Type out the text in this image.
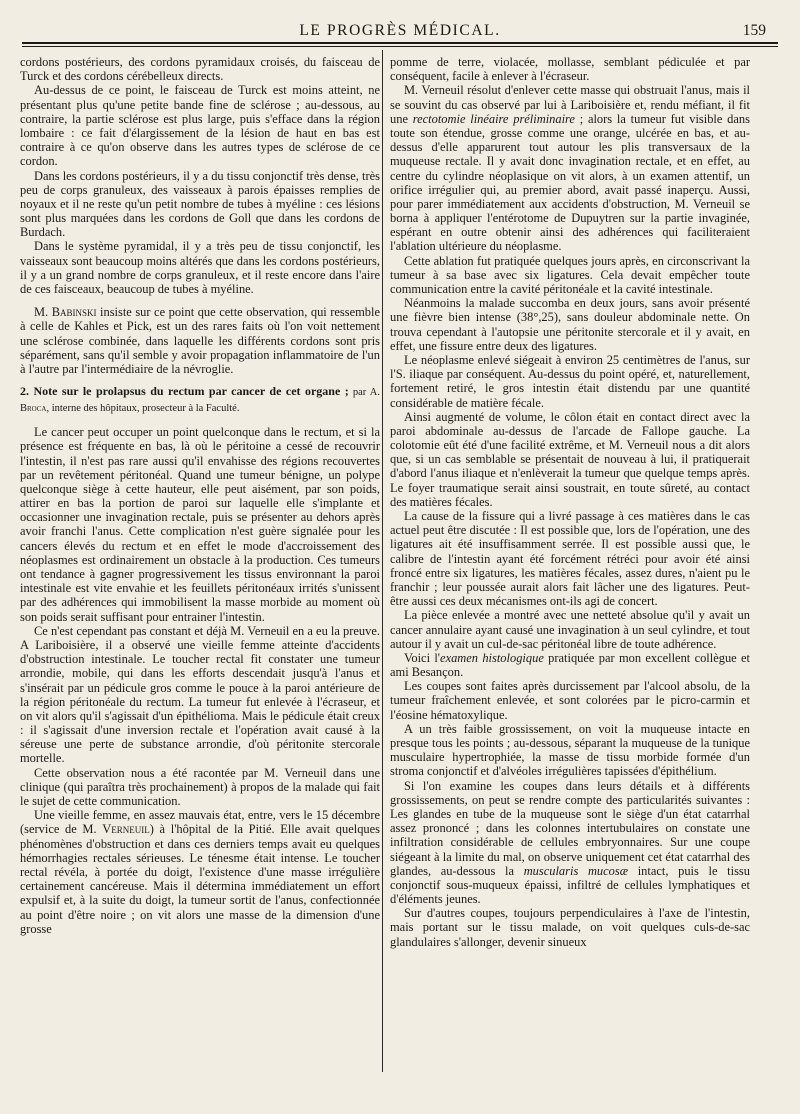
LE PROGRÈS MÉDICAL.	159

cordons postérieurs, des cordons pyramidaux croisés, du faisceau de Turck et des cordons cérébelleux directs.

Au-dessus de ce point, le faisceau de Turck est moins atteint, ne présentant plus qu'une petite bande fine de sclérose ; au-dessous, au contraire, la partie sclérose est plus large, puis s'efface dans la région lombaire : ce fait d'élargissement de la lésion de haut en bas est contraire à ce qu'on observe dans les autres types de sclérose de ce cordon.

Dans les cordons postérieurs, il y a du tissu conjonctif très dense, très peu de corps granuleux, des vaisseaux à parois épaisses remplies de noyaux et il ne reste qu'un petit nombre de tubes à myéline : ces lésions sont plus marquées dans les cordons de Goll que dans les cordons de Burdach.

Dans le système pyramidal, il y a très peu de tissu conjonctif, les vaisseaux sont beaucoup moins altérés que dans les cordons postérieurs, il y a un grand nombre de corps granuleux, et il reste encore dans l'aire de ces faisceaux, beaucoup de tubes à myéline.

M. Babinski insiste sur ce point que cette observation, qui ressemble à celle de Kahles et Pick, est un des rares faits où l'on voit nettement une sclérose combinée, dans laquelle les différents cordons sont pris séparément, sans qu'il semble y avoir propagation inflammatoire de l'un à l'autre par l'intermédiaire de la névroglie.

2. Note sur le prolapsus du rectum par cancer de cet organe ; par A. Broca, interne des hôpitaux, prosecteur à la Faculté.

Le cancer peut occuper un point quelconque dans le rectum, et si la présence est fréquente en bas, là où le péritoine a cessé de recouvrir l'intestin, il n'est pas rare aussi qu'il envahisse des régions recouvertes par un revêtement péritonéal. Quand une tumeur bénigne, un polype quelconque siège à cette hauteur, elle peut aisément, par son poids, attirer en bas la portion de paroi sur laquelle elle s'implante et occasionner une invagination rectale, puis se présenter au dehors après avoir franchi l'anus. Cette complication n'est guère signalée pour les cancers élevés du rectum et en effet le mode d'accroissement des néoplasmes est ordinairement un obstacle à la production. Ces tumeurs ont tendance à gagner progressivement les tissus environnant la paroi intestinale est vite envahie et les feuillets péritonéaux irrités s'unissent par des adhérences qui immobilisent la masse morbide au moment où son poids serait suffisant pour entrainer l'intestin.

Ce n'est cependant pas constant et déjà M. Verneuil en a eu la preuve. A Lariboisière, il a observé une vieille femme atteinte d'accidents d'obstruction intestinale. Le toucher rectal fit constater une tumeur arrondie, mobile, qui dans les efforts descendait jusqu'à l'anus et s'insérait par un pédicule gros comme le pouce à la paroi antérieure de la région péritonéale du rectum. La tumeur fut enlevée à l'écraseur, et on vit alors qu'il s'agissait d'un épithélioma. Mais le pédicule était creux : il s'agissait d'une inversion rectale et l'opération avait causé à la séreuse une perte de substance arrondie, d'où péritonite stercorale mortelle.

Cette observation nous a été racontée par M. Verneuil dans une clinique (qui paraîtra très prochainement) à propos de la malade qui fait le sujet de cette communication.

Une vieille femme, en assez mauvais état, entre, vers le 15 décembre (service de M. Verneuil) à l'hôpital de la Pitié. Elle avait quelques phénomènes d'obstruction et dans ces derniers temps avait eu quelques hémorrhagies rectales sérieuses. Le ténesme était intense. Le toucher rectal révéla, à portée du doigt, l'existence d'une masse irrégulière certainement cancéreuse. Mais il détermina immédiatement un effort expulsif et, à la suite du doigt, la tumeur sortit de l'anus, confectionnée au point d'être noire ; on vit alors une masse de la dimension d'une grosse

pomme de terre, violacée, mollasse, semblant pédiculée et par conséquent, facile à enlever à l'écraseur.

M. Verneuil résolut d'enlever cette masse qui obstruait l'anus, mais il se souvint du cas observé par lui à Lariboisière et, rendu méfiant, il fit une rectotomie linéaire préliminaire ; alors la tumeur fut visible dans toute son étendue, grosse comme une orange, ulcérée en bas, et au-dessus d'elle apparurent tout autour les plis transversaux de la muqueuse rectale. Il y avait donc invagination rectale, et en effet, au centre du cylindre néoplasique on vit alors, à un examen attentif, un orifice irrégulier qui, au premier abord, avait passé inaperçu. Aussi, pour parer immédiatement aux accidents d'obstruction, M. Verneuil se borna à appliquer l'entérotome de Dupuytren sur la partie invaginée, espérant en outre obtenir ainsi des adhérences qui faciliteraient l'ablation ultérieure du néoplasme.

Cette ablation fut pratiquée quelques jours après, en circonscrivant la tumeur à sa base avec six ligatures. Cela devait empêcher toute communication entre la cavité péritonéale et la cavité intestinale.

Néanmoins la malade succomba en deux jours, sans avoir présenté une fièvre bien intense (38°,25), sans douleur abdominale nette. On trouva cependant à l'autopsie une péritonite stercorale et il y avait, en effet, une fissure entre deux des ligatures.

Le néoplasme enlevé siégeait à environ 25 centimètres de l'anus, sur l'S. iliaque par conséquent. Au-dessus du point opéré, et, naturellement, fortement retiré, le gros intestin était distendu par une quantité considérable de matière fécale.

Ainsi augmenté de volume, le côlon était en contact direct avec la paroi abdominale au-dessus de l'arcade de Fallope gauche. La colotomie eût été d'une facilité extrême, et M. Verneuil nous a dit alors que, si un cas semblable se présentait de nouveau à lui, il pratiquerait d'abord l'anus iliaque et n'enlèverait la tumeur que quelque temps après. Le foyer traumatique serait ainsi soustrait, en toute sûreté, au contact des matières fécales.

La cause de la fissure qui a livré passage à ces matières dans le cas actuel peut être discutée : Il est possible que, lors de l'opération, une des ligatures ait été insuffisamment serrée. Il est possible aussi que, le calibre de l'intestin ayant été forcément rétréci pour avoir été ainsi froncé entre six ligatures, les matières fécales, assez dures, n'aient pu le franchir ; leur poussée aurait alors fait lâcher une des ligatures. Peut-être aussi ces deux mécanismes ont-ils agi de concert.

La pièce enlevée a montré avec une netteté absolue qu'il y avait un cancer annulaire ayant causé une invagination à un seul cylindre, et tout autour il y avait un cul-de-sac péritonéal libre de toute adhérence.

Voici l'examen histologique pratiquée par mon excellent collègue et ami Besançon.

Les coupes sont faites après durcissement par l'alcool absolu, de la tumeur fraîchement enlevée, et sont colorées par le picro-carmin et l'éosine hématoxylique.

A un très faible grossissement, on voit la muqueuse intacte en presque tous les points ; au-dessous, séparant la muqueuse de la tunique musculaire hypertrophiée, la masse de tissu morbide formée d'un stroma conjonctif et d'alvéoles irrégulières tapissées d'épithélium.

Si l'on examine les coupes dans leurs détails et à différents grossissements, on peut se rendre compte des particularités suivantes : Les glandes en tube de la muqueuse sont le siège d'un état catarrhal assez prononcé ; dans les colonnes intertubulaires on constate une infiltration considérable de cellules embryonnaires. Sur une coupe siégeant à la limite du mal, on observe uniquement cet état catarrhal des glandes, au-dessous la muscularis mucosæ intact, puis le tissu conjonctif sous-muqueux épaissi, infiltré de cellules lymphatiques et d'éléments jeunes.

Sur d'autres coupes, toujours perpendiculaires à l'axe de l'intestin, mais portant sur le tissu malade, on voit quelques culs-de-sac glandulaires s'allonger, devenir sinueux
